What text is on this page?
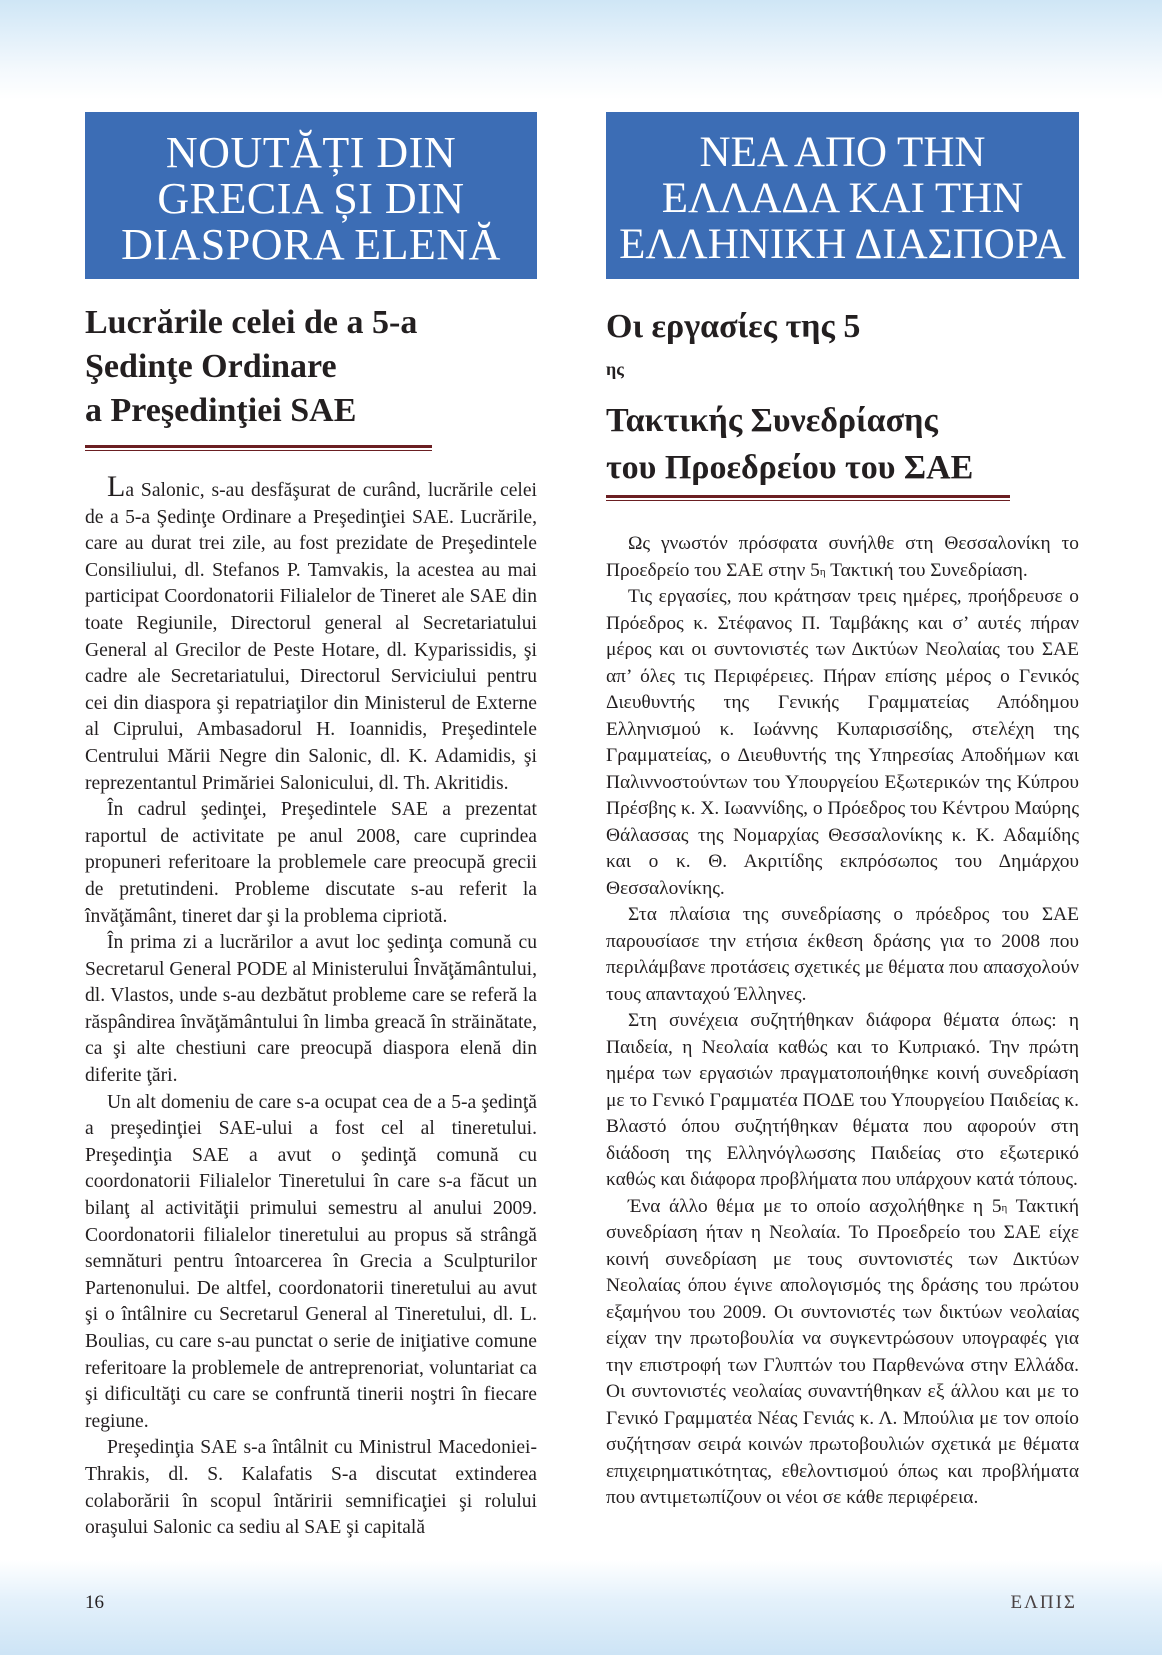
NOUTĂȚI DIN
GRECIA ȘI DIN
DIASPORA ELENĂ
Lucrările celei de a 5-a
Şedinţe Ordinare
a Preşedinţiei SAE

La Salonic, s-au desfăşurat de curând, lucrările celei de a 5-a Şedinţe Ordinare a Preşedinţiei SAE. Lucrările, care au durat trei zile, au fost prezidate de Preşedintele Consiliului, dl. Stefanos P. Tamvakis, la acestea au mai participat Coordonatorii Filialelor de Tineret ale SAE din toate Regiunile, Directorul general al Secretariatului General al Grecilor de Peste Hotare, dl. Kyparissidis, şi cadre ale Secretariatului, Directorul Serviciului pentru cei din diaspora şi repatriaţilor din Ministerul de Externe al Ciprului, Ambasadorul H. Ioannidis, Preşedintele Centrului Mării Negre din Salonic, dl. K. Adamidis, şi reprezentantul Primăriei Salonicului, dl. Th. Akritidis.

În cadrul şedinţei, Preşedintele SAE a prezentat raportul de activitate pe anul 2008, care cuprindea propuneri referitoare la problemele care preocupă grecii de pretutindeni. Probleme discutate s-au referit la învăţământ, tineret dar şi la problema cipriotă.

În prima zi a lucrărilor a avut loc şedinţa comună cu Secretarul General PODE al Ministerului Învăţământului, dl. Vlastos, unde s-au dezbătut probleme care se referă la răspândirea învăţământului în limba greacă în străinătate, ca şi alte chestiuni care preocupă diaspora elenă din diferite ţări.

Un alt domeniu de care s-a ocupat cea de a 5-a şedinţă a preşedinţiei SAE-ului a fost cel al tineretului. Preşedinţia SAE a avut o şedinţă comună cu coordonatorii Filialelor Tineretului în care s-a făcut un bilanţ al activităţii primului semestru al anului 2009. Coordonatorii filialelor tineretului au propus să strângă semnături pentru întoarcerea în Grecia a Sculpturilor Partenonului. De altfel, coordonatorii tineretului au avut şi o întâlnire cu Secretarul General al Tineretului, dl. L. Boulias, cu care s-au punctat o serie de iniţiative comune referitoare la problemele de antreprenoriat, voluntariat ca şi dificultăţi cu care se confruntă tinerii noştri în fiecare regiune.

Preşedinţia SAE s-a întâlnit cu Ministrul Macedoniei-Thrakis, dl. S. Kalafatis S-a discutat extinderea colaborării în scopul întăririi semnificaţiei şi rolului oraşului Salonic ca sediu al SAE şi capitală

ΝΕΑ ΑΠΟ ΤΗΝ
ΕΛΛΑΔΑ ΚΑΙ ΤΗΝ
ΕΛΛΗΝΙΚΗ ΔΙΑΣΠΟΡΑ
Οι εργασίες της 5
$^{\eta\varsigma}$
Τακτικής Συνεδρίασης
του Προεδρείου του ΣΑΕ

Ως γνωστόν πρόσφατα συνήλθε στη Θεσσαλονίκη το Προεδρείο του ΣΑΕ στην $5^\eta$ Τακτική του Συνεδρίαση.

Τις εργασίες, που κράτησαν τρεις ημέρες, προήδρευσε ο Πρόεδρος κ. Στέφανος Π. Ταμβάκης και σ’ αυτές πήραν μέρος και οι συντονιστές των Δικτύων Νεολαίας του ΣΑΕ απ’ όλες τις Περιφέρειες. Πήραν επίσης μέρος ο Γενικός Διευθυντής της Γενικής Γραμματείας Απόδημου Ελληνισμού κ. Ιωάννης Κυπαρισσίδης, στελέχη της Γραμματείας, ο Διευθυντής της Υπηρεσίας Αποδήμων και Παλιννοστούντων του Υπουργείου Εξωτερικών της Κύπρου Πρέσβης κ. Χ. Ιωαννίδης, ο Πρόεδρος του Κέντρου Μαύρης Θάλασσας της Νομαρχίας Θεσσαλονίκης κ. Κ. Αδαμίδης και ο κ. Θ. Ακριτίδης εκπρόσωπος του Δημάρχου Θεσσαλονίκης.

Στα πλαίσια της συνεδρίασης ο πρόεδρος του ΣΑΕ παρουσίασε την ετήσια έκθεση δράσης για το 2008 που περιλάμβανε προτάσεις σχετικές με θέματα που απασχολούν τους απανταχού Έλληνες.

Στη συνέχεια συζητήθηκαν διάφορα θέματα όπως: η Παιδεία, η Νεολαία καθώς και το Κυπριακό. Την πρώτη ημέρα των εργασιών πραγματοποιήθηκε κοινή συνεδρίαση με το Γενικό Γραμματέα ΠΟΔΕ του Υπουργείου Παιδείας κ. Βλαστό όπου συζητήθηκαν θέματα που αφορούν στη διάδοση της Ελληνόγλωσσης Παιδείας στο εξωτερικό καθώς και διάφορα προβλήματα που υπάρχουν κατά τόπους.

Ένα άλλο θέμα με το οποίο ασχολήθηκε η $5^\eta$ Τακτική συνεδρίαση ήταν η Νεολαία. Το Προεδρείο του ΣΑΕ είχε κοινή συνεδρίαση με τους συντονιστές των Δικτύων Νεολαίας όπου έγινε απολογισμός της δράσης του πρώτου εξαμήνου του 2009. Οι συντονιστές των δικτύων νεολαίας είχαν την πρωτοβουλία να συγκεντρώσουν υπογραφές για την επιστροφή των Γλυπτών του Παρθενώνα στην Ελλάδα. Οι συντονιστές νεολαίας συναντήθηκαν εξ άλλου και με το Γενικό Γραμματέα Νέας Γενιάς κ. Λ. Μπούλια με τον οποίο συζήτησαν σειρά κοινών πρωτοβουλιών σχετικά με θέματα επιχειρηματικότητας, εθελοντισμού όπως και προβλήματα που αντιμετωπίζουν οι νέοι σε κάθε περιφέρεια.

16	ΕΛΠΙΣ
